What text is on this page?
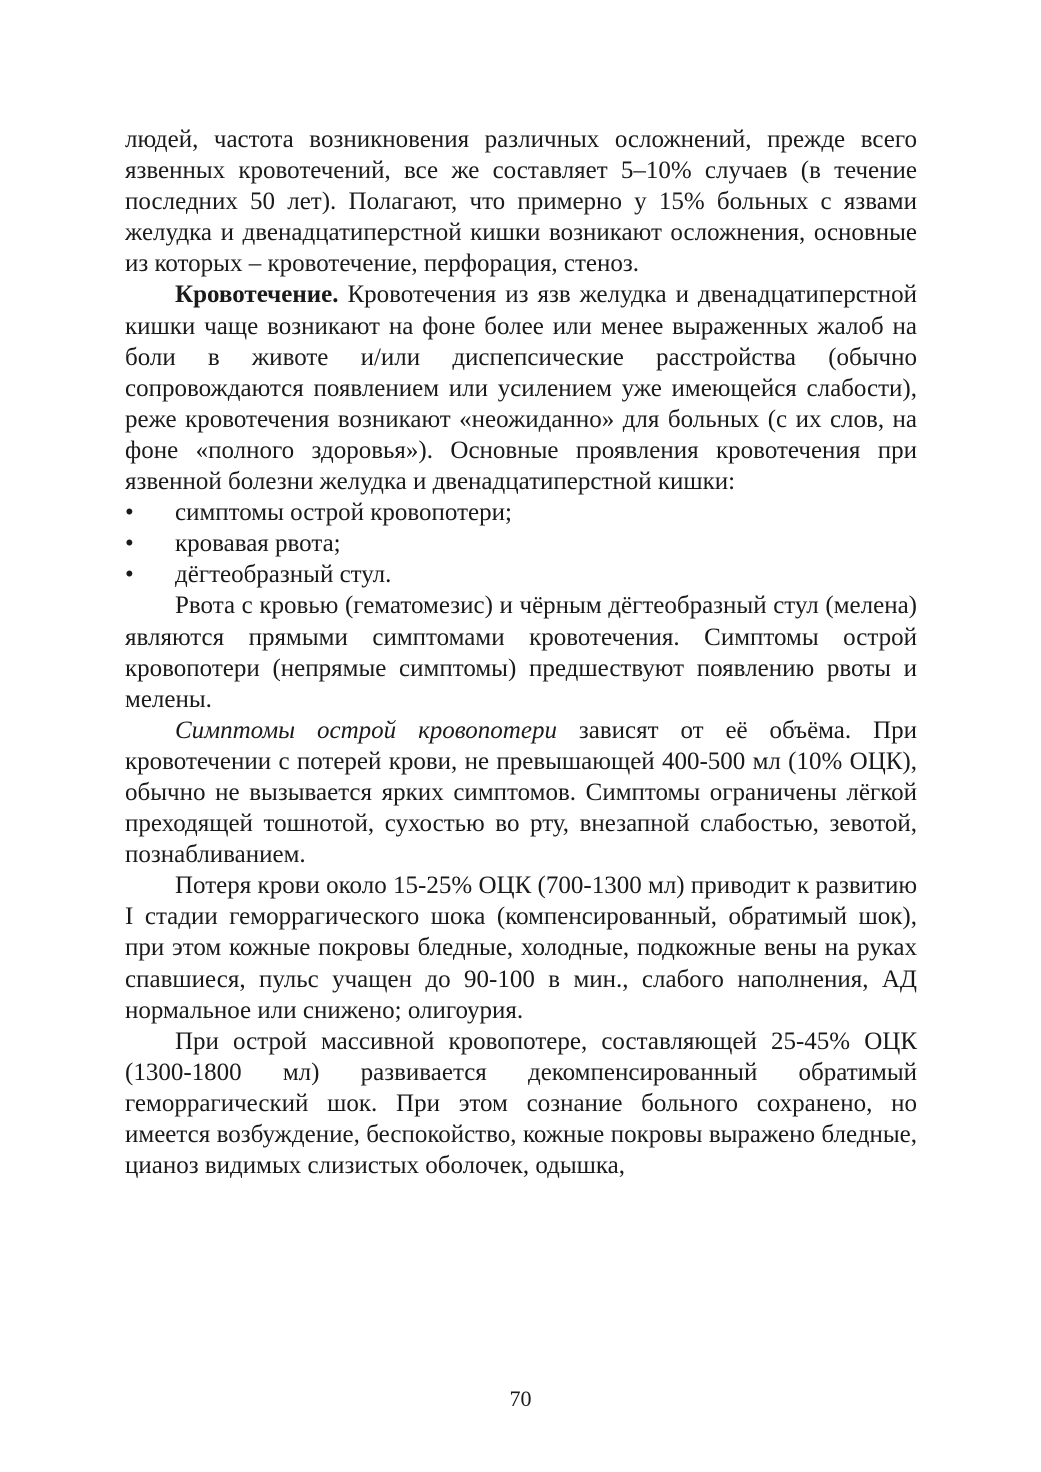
людей, частота возникновения различных осложнений, прежде всего язвенных кровотечений, все же составляет 5–10% случаев (в течение последних 50 лет). Полагают, что примерно у 15% больных с язвами желудка и двенадцатиперстной кишки возникают осложнения, основные из которых – кровотечение, перфорация, стеноз.

Кровотечение. Кровотечения из язв желудка и двенадцатиперстной кишки чаще возникают на фоне более или менее выраженных жалоб на боли в животе и/или диспепсические расстройства (обычно сопровождаются появлением или усилением уже имеющейся слабости), реже кровотечения возникают «неожиданно» для больных (с их слов, на фоне «полного здоровья»). Основные проявления кровотечения при язвенной болезни желудка и двенадцатиперстной кишки:

• симптомы острой кровопотери;
• кровавая рвота;
• дёгтеобразный стул.

Рвота с кровью (гематомезис) и чёрным дёгтеобразный стул (мелена) являются прямыми симптомами кровотечения. Симптомы острой кровопотери (непрямые симптомы) предшествуют появлению рвоты и мелены.

Симптомы острой кровопотери зависят от её объёма. При кровотечении с потерей крови, не превышающей 400-500 мл (10% ОЦК), обычно не вызывается ярких симптомов. Симптомы ограничены лёгкой преходящей тошнотой, сухостью во рту, внезапной слабостью, зевотой, познабливанием.

Потеря крови около 15-25% ОЦК (700-1300 мл) приводит к развитию I стадии геморрагического шока (компенсированный, обратимый шок), при этом кожные покровы бледные, холодные, подкожные вены на руках спавшиеся, пульс учащен до 90-100 в мин., слабого наполнения, АД нормальное или снижено; олигоурия.

При острой массивной кровопотере, составляющей 25-45% ОЦК (1300-1800 мл) развивается декомпенсированный обратимый геморрагический шок. При этом сознание больного сохранено, но имеется возбуждение, беспокойство, кожные покровы выражено бледные, цианоз видимых слизистых оболочек, одышка,

70
